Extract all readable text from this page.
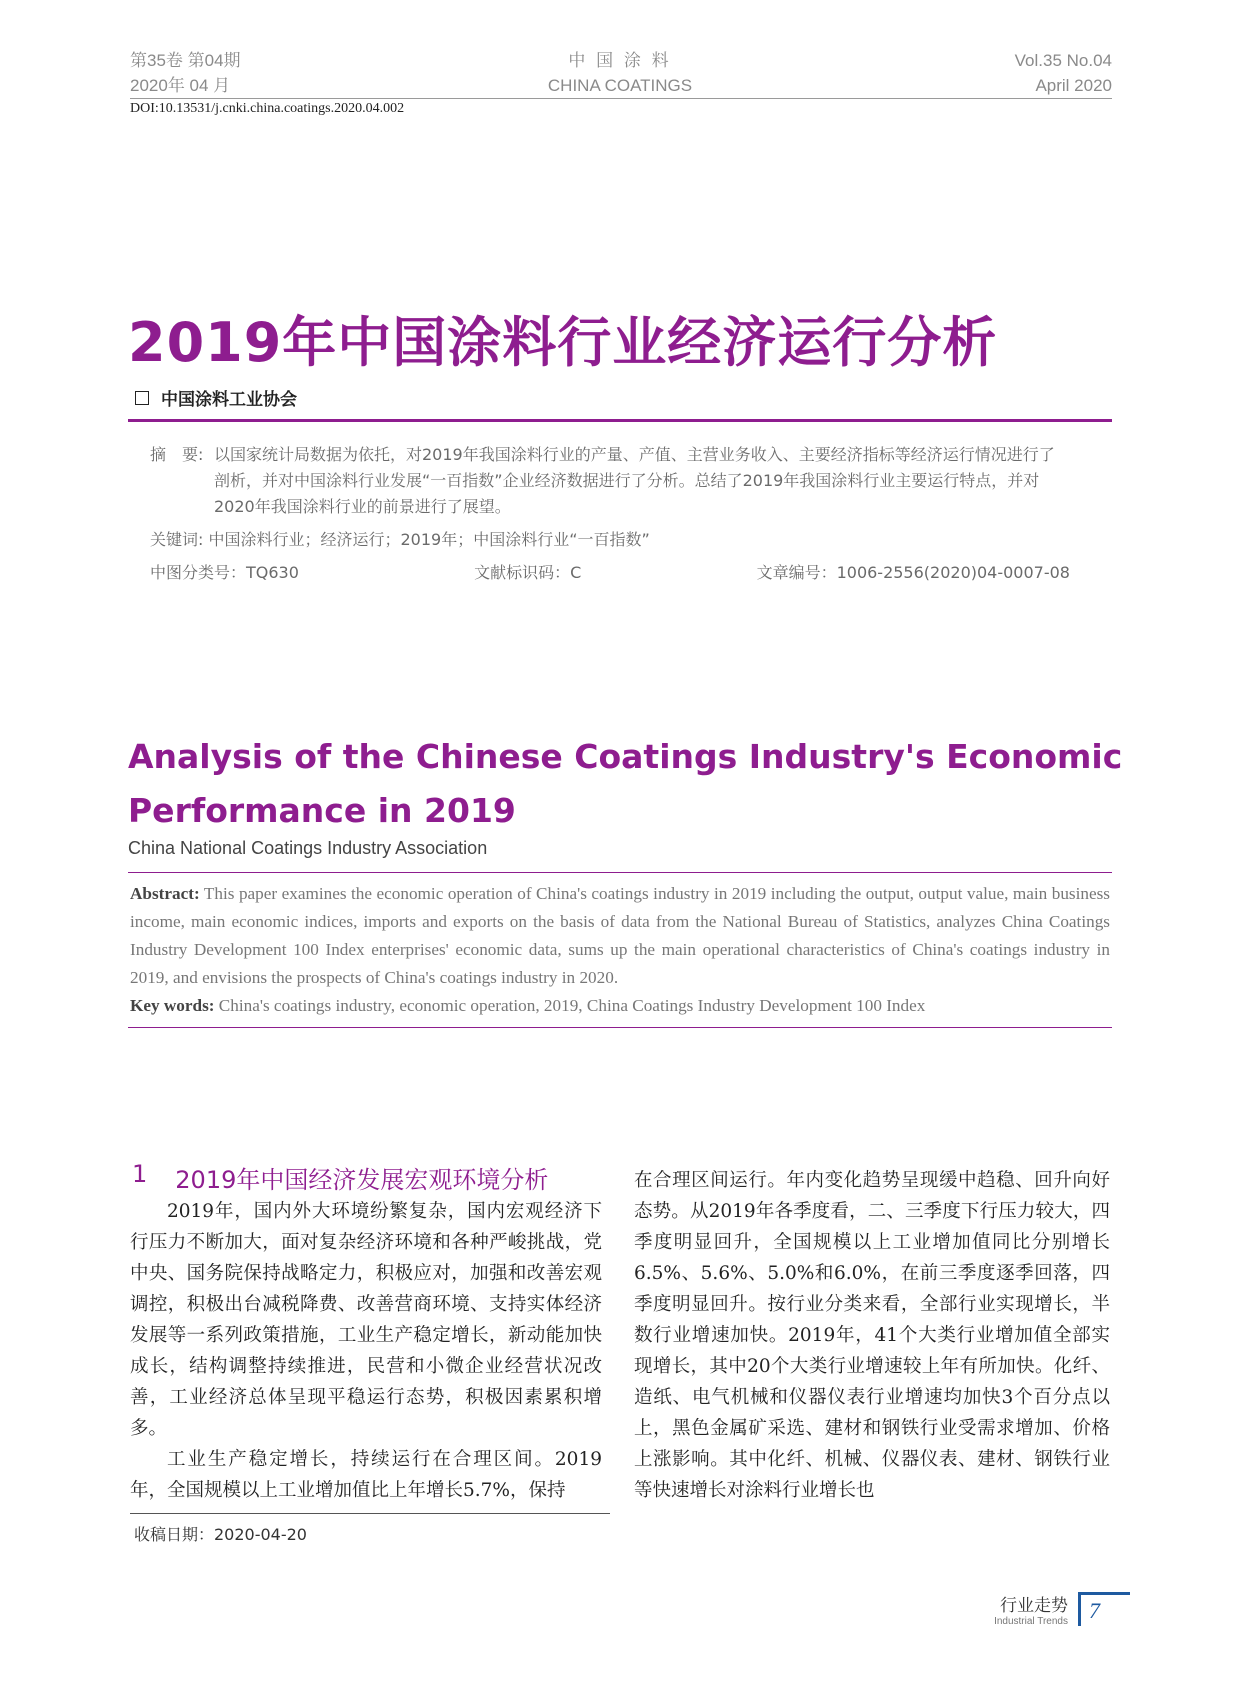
第35卷 第04期
2020年 04 月
中 国 涂 料
CHINA COATINGS
Vol.35 No.04
April 2020
DOI:10.13531/j.cnki.china.coatings.2020.04.002
2019年中国涂料行业经济运行分析
中国涂料工业协会
摘　要: 以国家统计局数据为依托，对2019年我国涂料行业的产量、产值、主营业务收入、主要经济指标等经济运行情况进行了剖析，并对中国涂料行业发展“一百指数”企业经济数据进行了分析。总结了2019年我国涂料行业主要运行特点，并对2020年我国涂料行业的前景进行了展望。
关键词: 中国涂料行业；经济运行；2019年；中国涂料行业“一百指数”
中图分类号：TQ630	文献标识码：C	文章编号：1006-2556(2020)04-0007-08
Analysis of the Chinese Coatings Industry's Economic Performance in 2019
China National Coatings Industry Association
Abstract: This paper examines the economic operation of China's coatings industry in 2019 including the output, output value, main business income, main economic indices, imports and exports on the basis of data from the National Bureau of Statistics, analyzes China Coatings Industry Development 100 Index enterprises' economic data, sums up the main operational characteristics of China's coatings industry in 2019, and envisions the prospects of China's coatings industry in 2020.
Key words: China's coatings industry, economic operation, 2019, China Coatings Industry Development 100 Index
1 2019年中国经济发展宏观环境分析

2019年，国内外大环境纷繁复杂，国内宏观经济下行压力不断加大，面对复杂经济环境和各种严峻挑战，党中央、国务院保持战略定力，积极应对，加强和改善宏观调控，积极出台减税降费、改善营商环境、支持实体经济发展等一系列政策措施，工业生产稳定增长，新动能加快成长，结构调整持续推进，民营和小微企业经营状况改善，工业经济总体呈现平稳运行态势，积极因素累积增多。

工业生产稳定增长，持续运行在合理区间。2019年，全国规模以上工业增加值比上年增长5.7%，保持

在合理区间运行。年内变化趋势呈现缓中趋稳、回升向好态势。从2019年各季度看，二、三季度下行压力较大，四季度明显回升，全国规模以上工业增加值同比分别增长6.5%、5.6%、5.0%和6.0%，在前三季度逐季回落，四季度明显回升。按行业分类来看，全部行业实现增长，半数行业增速加快。2019年，41个大类行业增加值全部实现增长，其中20个大类行业增速较上年有所加快。化纤、造纸、电气机械和仪器仪表行业增速均加快3个百分点以上，黑色金属矿采选、建材和钢铁行业受需求增加、价格上涨影响。其中化纤、机械、仪器仪表、建材、钢铁行业等快速增长对涂料行业增长也

收稿日期：2020-04-20
行业走势
Industrial Trends 7
